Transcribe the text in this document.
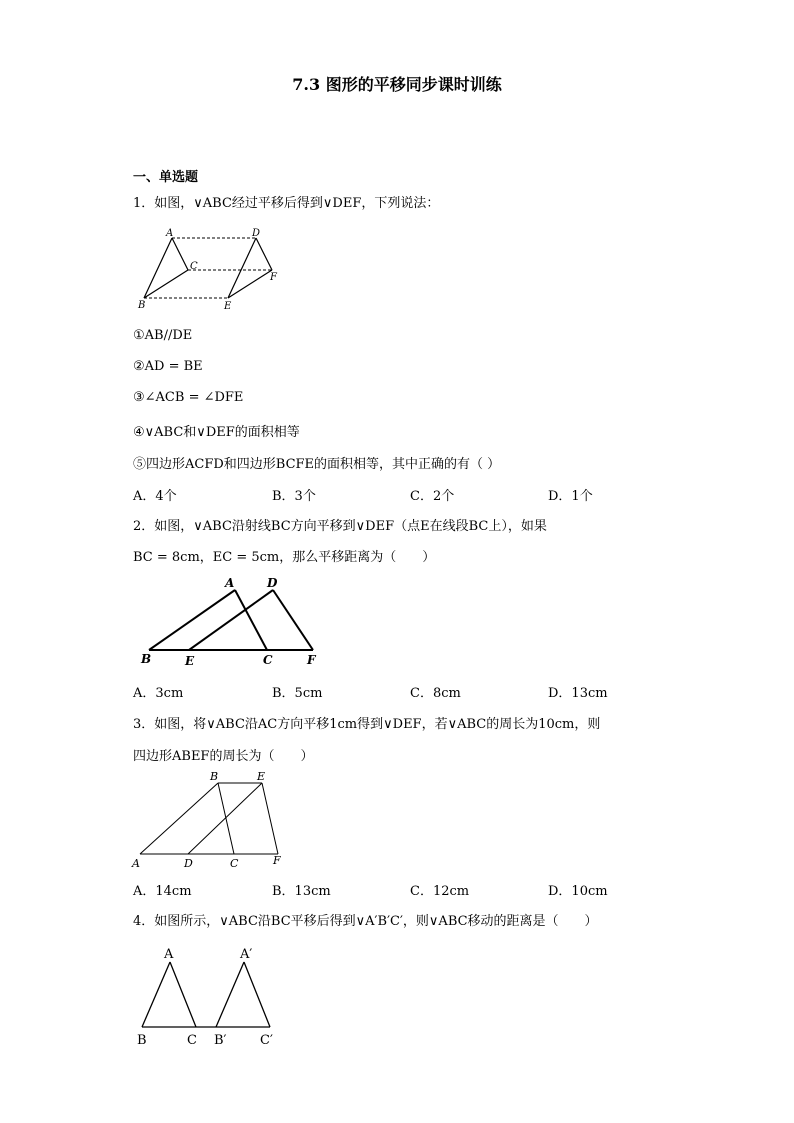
7.3 图形的平移同步课时训练
一、单选题
1．如图，∨ABC经过平移后得到∨DEF，下列说法：
A
B
C
D
E
F
①AB//DE
②AD = BE
③∠ACB = ∠DFE
④∨ABC和∨DEF的面积相等
⑤四边形ACFD和四边形BCFE的面积相等，其中正确的有（ ）
A．4个	B．3个	C．2个	D．1个
2．如图，∨ABC沿射线BC方向平移到∨DEF（点E在线段BC上），如果
BC = 8cm，EC = 5cm，那么平移距离为（　　）
A
B	C
D
E	F
A．3cm	B．5cm	C．8cm	D．13cm
3．如图，将∨ABC沿AC方向平移1cm得到∨DEF，若∨ABC的周长为10cm，则
四边形ABEF的周长为（　　）
A
B
C
D
E
F
A．14cm	B．13cm	C．12cm	D．10cm
4．如图所示，∨ABC沿BC平移后得到∨A′B′C′，则∨ABC移动的距离是（　　）
A
B	C
A′
B′	C′
